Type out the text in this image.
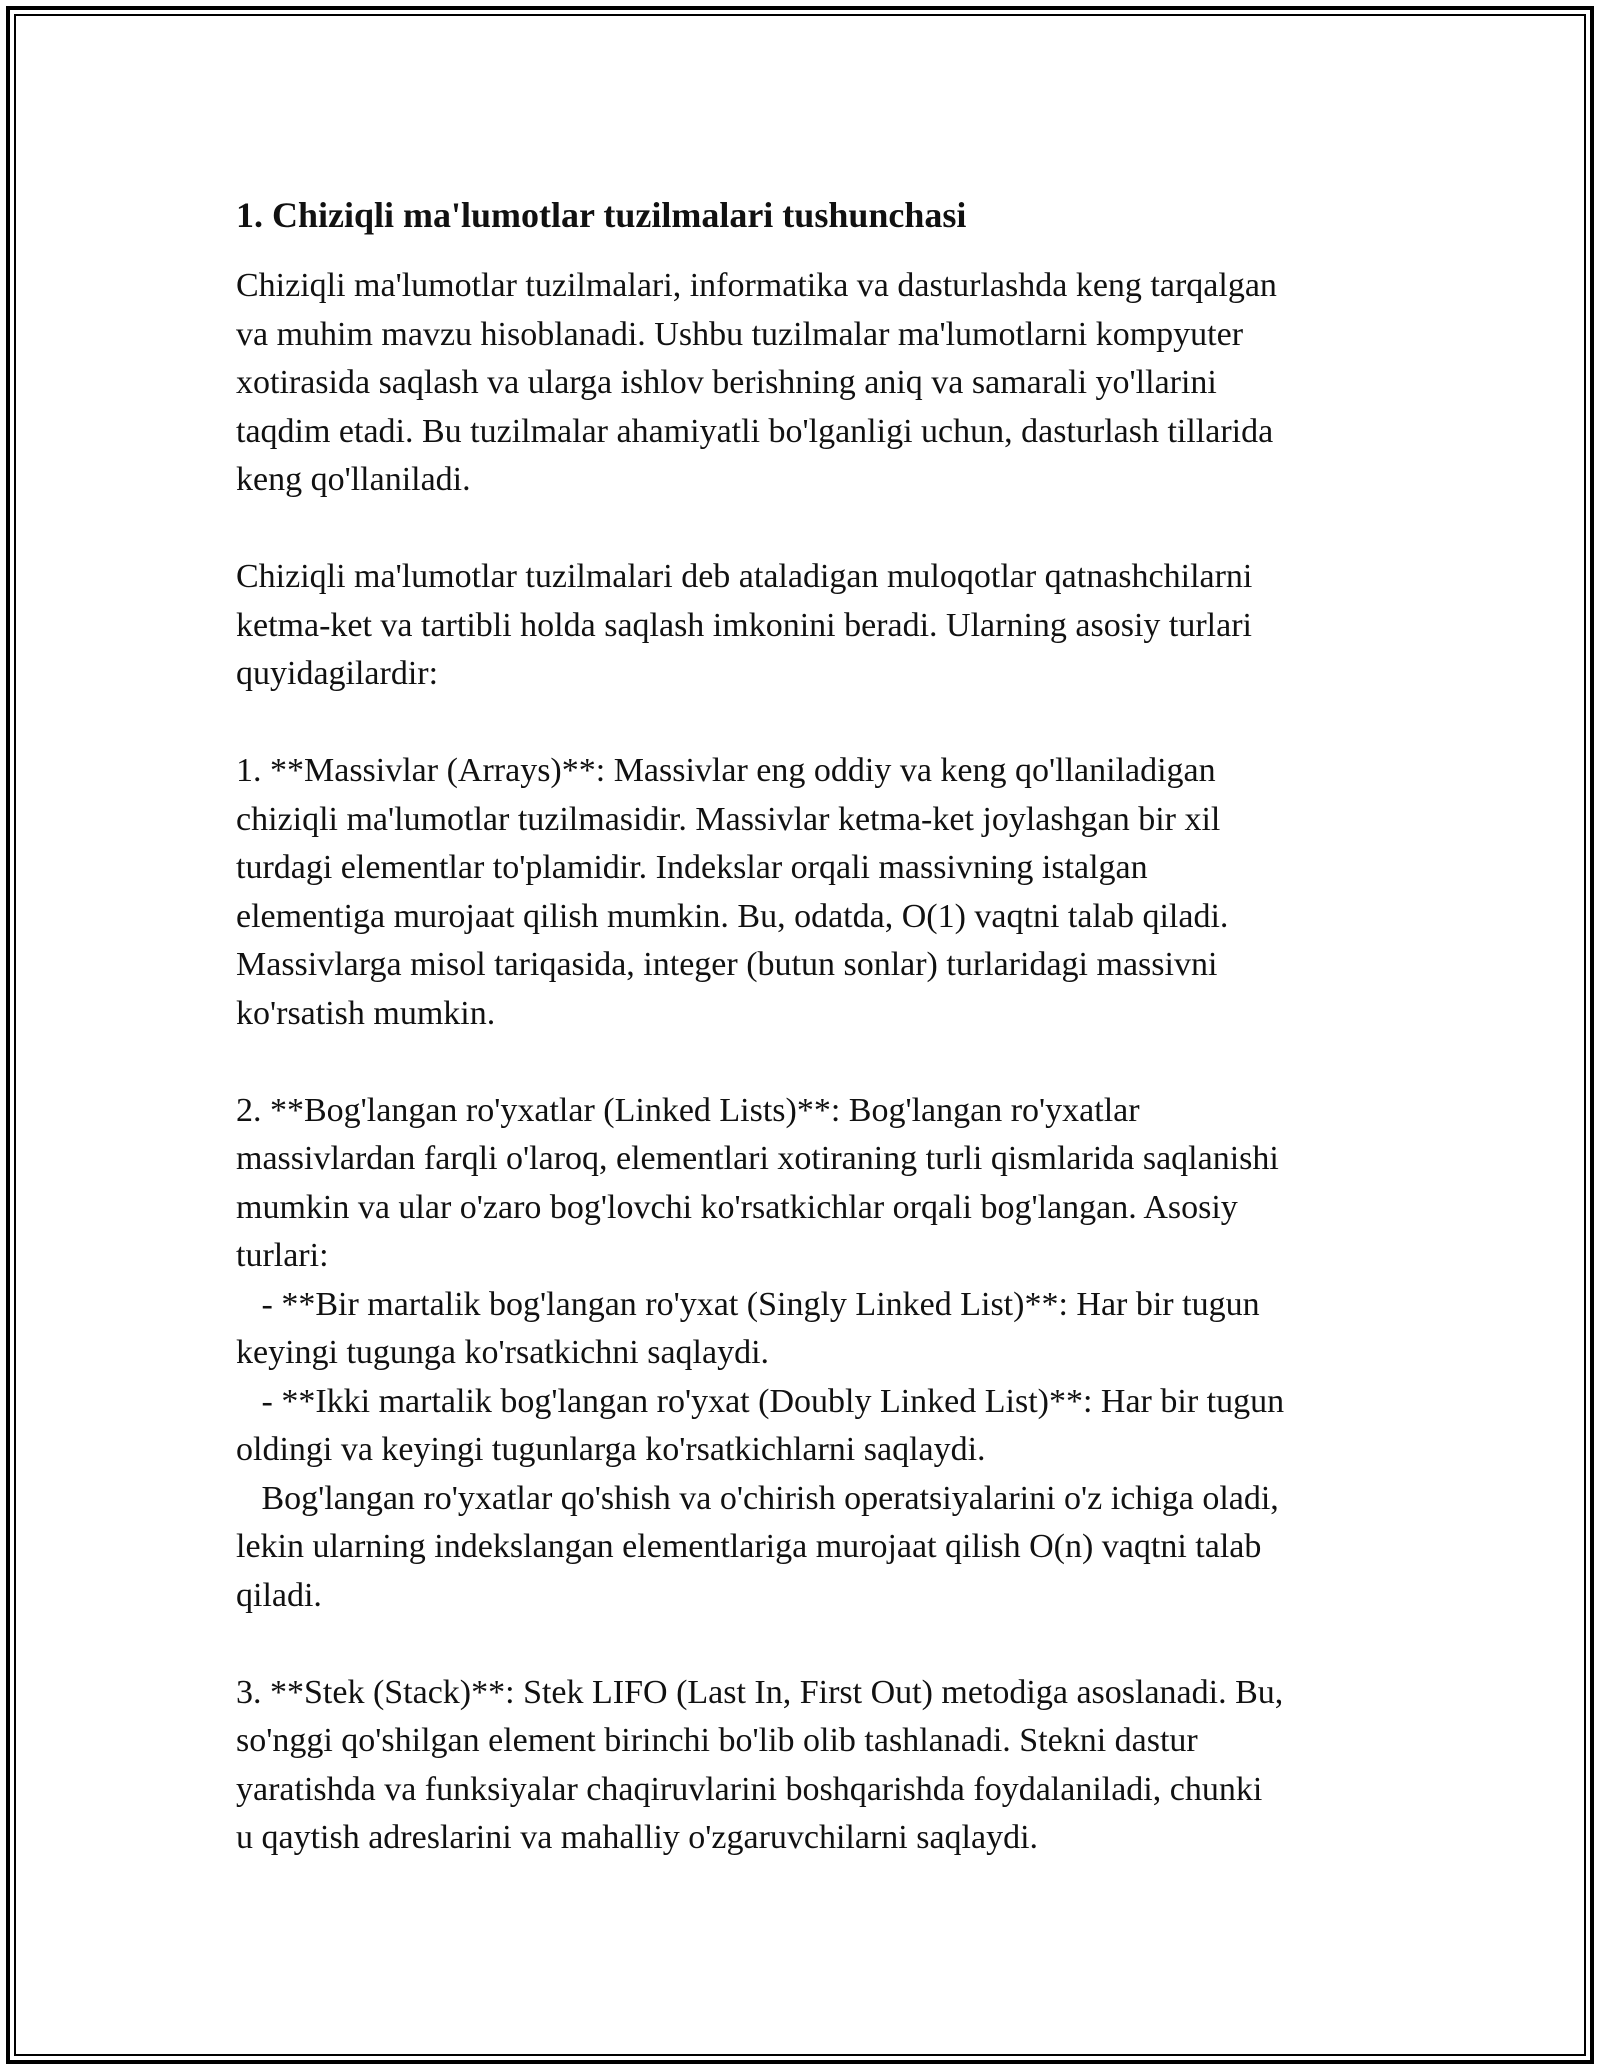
1. Chiziqli ma'lumotlar tuzilmalari tushunchasi

Chiziqli ma'lumotlar tuzilmalari, informatika va dasturlashda keng tarqalgan
va muhim mavzu hisoblanadi. Ushbu tuzilmalar ma'lumotlarni kompyuter
xotirasida saqlash va ularga ishlov berishning aniq va samarali yo'llarini
taqdim etadi. Bu tuzilmalar ahamiyatli bo'lganligi uchun, dasturlash tillarida
keng qo'llaniladi.

Chiziqli ma'lumotlar tuzilmalari deb ataladigan muloqotlar qatnashchilarni
ketma-ket va tartibli holda saqlash imkonini beradi. Ularning asosiy turlari
quyidagilardir:

1. **Massivlar (Arrays)**: Massivlar eng oddiy va keng qo'llaniladigan
chiziqli ma'lumotlar tuzilmasidir. Massivlar ketma-ket joylashgan bir xil
turdagi elementlar to'plamidir. Indekslar orqali massivning istalgan
elementiga murojaat qilish mumkin. Bu, odatda, O(1) vaqtni talab qiladi.
Massivlarga misol tariqasida, integer (butun sonlar) turlaridagi massivni
ko'rsatish mumkin.

2. **Bog'langan ro'yxatlar (Linked Lists)**: Bog'langan ro'yxatlar
massivlardan farqli o'laroq, elementlari xotiraning turli qismlarida saqlanishi
mumkin va ular o'zaro bog'lovchi ko'rsatkichlar orqali bog'langan. Asosiy
turlari:
- **Bir martalik bog'langan ro'yxat (Singly Linked List)**: Har bir tugun
keyingi tugunga ko'rsatkichni saqlaydi.
- **Ikki martalik bog'langan ro'yxat (Doubly Linked List)**: Har bir tugun
oldingi va keyingi tugunlarga ko'rsatkichlarni saqlaydi.
Bog'langan ro'yxatlar qo'shish va o'chirish operatsiyalarini o'z ichiga oladi,
lekin ularning indekslangan elementlariga murojaat qilish O(n) vaqtni talab
qiladi.

3. **Stek (Stack)**: Stek LIFO (Last In, First Out) metodiga asoslanadi. Bu,
so'nggi qo'shilgan element birinchi bo'lib olib tashlanadi. Stekni dastur
yaratishda va funksiyalar chaqiruvlarini boshqarishda foydalaniladi, chunki
u qaytish adreslarini va mahalliy o'zgaruvchilarni saqlaydi.
